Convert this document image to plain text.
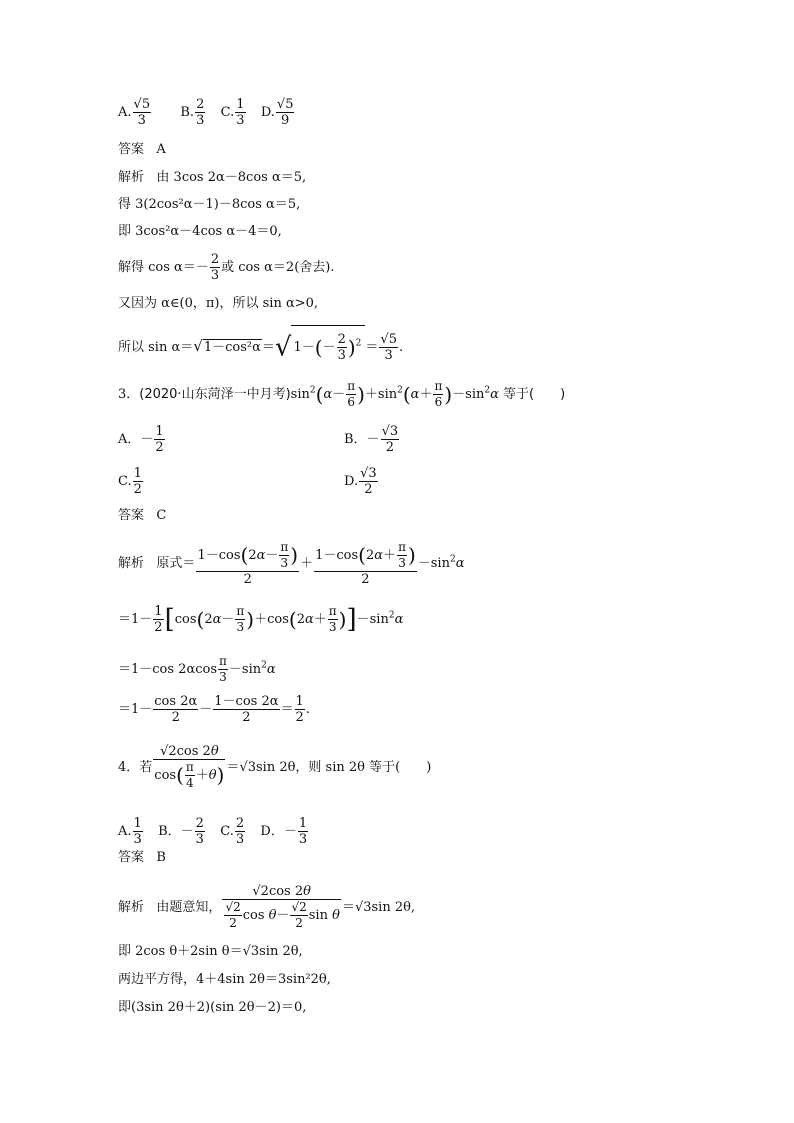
A. $\frac{√5}{3} B$. $\frac{2}{3} C$. $\frac{1}{3} D$. $\frac{√5}{9}$
答案 A
解析 由 3cos 2α－8cos α＝5,
得 3(2cos²α－1)－8cos α＝5,
即 3cos²α－4cos α－4＝0,
解得 $\cos \alpha=- \frac{2}{3}$ 或 cos α＝2(舍去).
又因为 α∈(0，π)，所以 sin α>0,
所以 sin α＝√1－cos²α＝√ $1-(- \frac{2}{3} )^2 = \frac{√5}{3}$ .
3．(2020·山东菏泽一中月考)$\sin^2(\alpha- \frac{\pi}{6} )+\sin^2(\alpha+ \frac{\pi}{6} )-\sin^2\alpha$ 等于(　　)
A．－ $\frac{1}{2}$	B．－ $\frac{√3}{2}$
C. $\frac{1}{2}$	D. $\frac{√3}{2}$
答案 C
解析 原式＝ $\frac{1-\cos(2\alpha- \frac{\pi}{3} )}{2} + \frac{1-\cos(2\alpha+ \frac{\pi}{3} )}{2} -\sin^2\alpha$
$=1- \frac{1}{2} [\cos(2\alpha- \frac{\pi}{3} )+\cos(2\alpha+ \frac{\pi}{3} )]-\sin^2\alpha$
＝1－cos $2\alpha\cos \frac{\pi}{3} -\sin^2\alpha$
$=1- \frac{\cos 2\alpha}{2} - \frac{1-\cos 2\alpha}{2} = \frac{1}{2}$ .
4．若 $\frac{√2\cos 2\theta}{\cos( \frac{\pi}{4} +\theta)} =√3\sin$ 2θ，则 sin 2θ 等于(　　)
A. $\frac{1}{3}$ B．－ $\frac{2}{3} C$. $\frac{2}{3}$ D．－ $\frac{1}{3}$
答案 B
解析 由题意知， $\frac{√2\cos 2\theta}{\frac{√2}{2} \cos \theta- \frac{√2}{2} \sin \theta} =√3\sin$ 2θ,
即 2cos θ＋2sin θ＝√3sin 2θ,
两边平方得，4＋4sin 2θ＝3sin²2θ,
即(3sin 2θ＋2)(sin 2θ－2)＝0,
